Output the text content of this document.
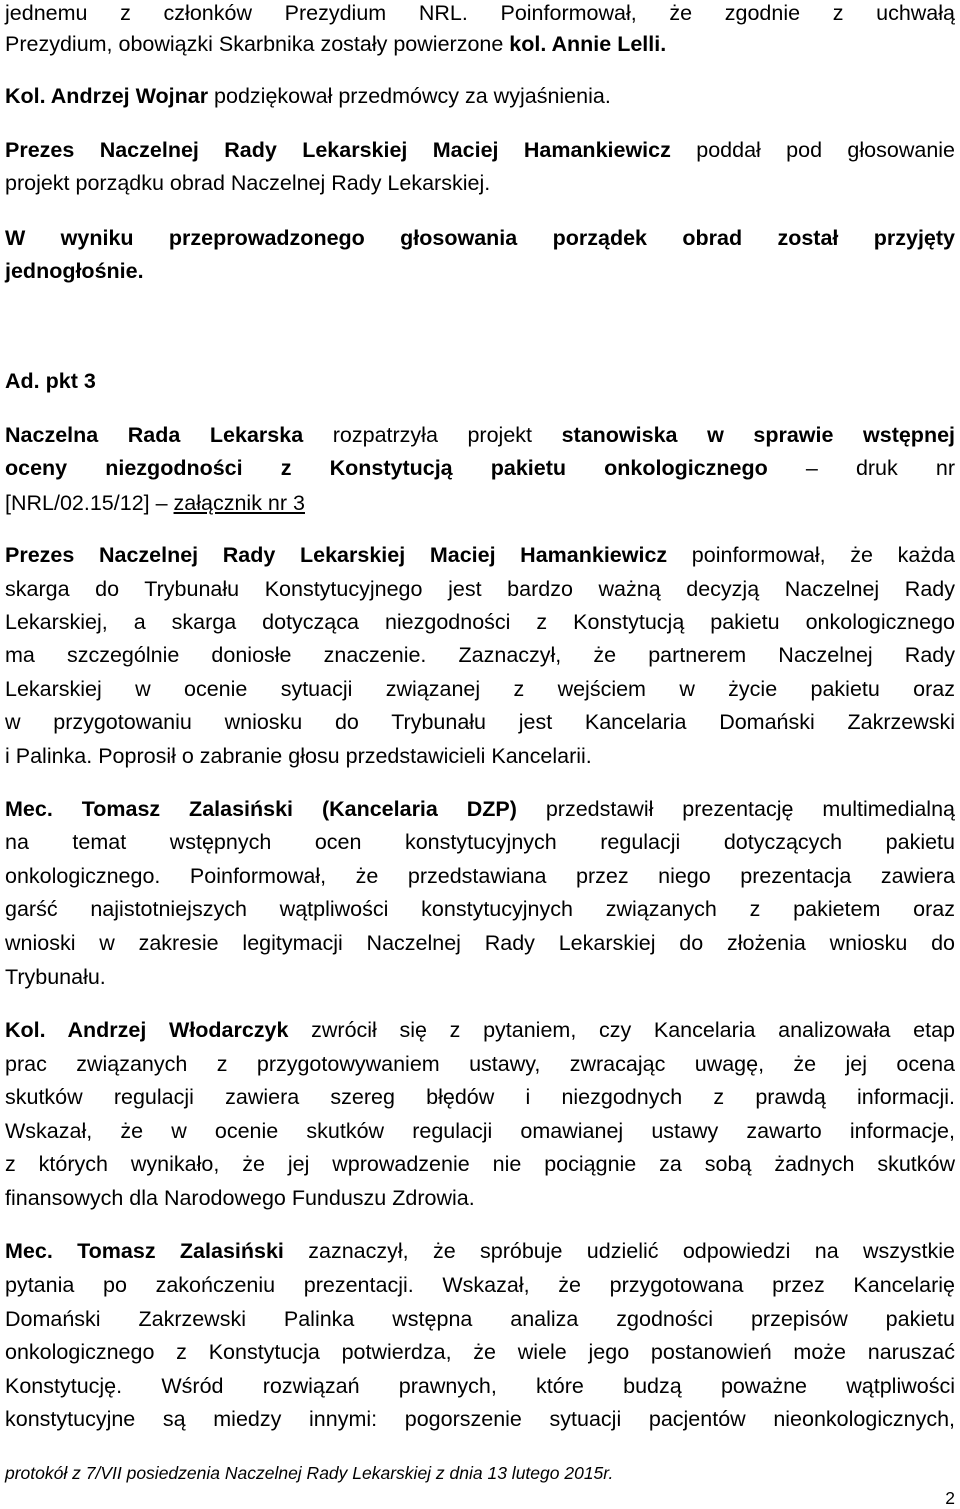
jednemu z członków Prezydium NRL. Poinformował, że zgodnie z uchwałą
Prezydium, obowiązki Skarbnika zostały powierzone kol. Annie Lelli.
Kol. Andrzej Wojnar podziękował przedmówcy za wyjaśnienia.
Prezes Naczelnej Rady Lekarskiej Maciej Hamankiewicz poddał pod głosowanie
projekt porządku obrad Naczelnej Rady Lekarskiej.
W wyniku przeprowadzonego głosowania porządek obrad został przyjęty
jednogłośnie.
Ad. pkt 3
Naczelna Rada Lekarska rozpatrzyła projekt stanowiska w sprawie wstępnej
oceny niezgodności z Konstytucją pakietu onkologicznego – druk nr
[NRL/02.15/12] – załącznik nr 3
Prezes Naczelnej Rady Lekarskiej Maciej Hamankiewicz poinformował, że każda
skarga do Trybunału Konstytucyjnego jest bardzo ważną decyzją Naczelnej Rady
Lekarskiej, a skarga dotycząca niezgodności z Konstytucją pakietu onkologicznego
ma szczególnie doniosłe znaczenie. Zaznaczył, że partnerem Naczelnej Rady
Lekarskiej w ocenie sytuacji związanej z wejściem w życie pakietu oraz
w przygotowaniu wniosku do Trybunału jest Kancelaria Domański Zakrzewski
i Palinka. Poprosił o zabranie głosu przedstawicieli Kancelarii.
Mec. Tomasz Zalasiński (Kancelaria DZP) przedstawił prezentację multimedialną
na temat wstępnych ocen konstytucyjnych regulacji dotyczących pakietu
onkologicznego. Poinformował, że przedstawiana przez niego prezentacja zawiera
garść najistotniejszych wątpliwości konstytucyjnych związanych z pakietem oraz
wnioski w zakresie legitymacji Naczelnej Rady Lekarskiej do złożenia wniosku do
Trybunału.
Kol. Andrzej Włodarczyk zwrócił się z pytaniem, czy Kancelaria analizowała etap
prac związanych z przygotowywaniem ustawy, zwracając uwagę, że jej ocena
skutków regulacji zawiera szereg błędów i niezgodnych z prawdą informacji.
Wskazał, że w ocenie skutków regulacji omawianej ustawy zawarto informacje,
z których wynikało, że jej wprowadzenie nie pociągnie za sobą żadnych skutków
finansowych dla Narodowego Funduszu Zdrowia.
Mec. Tomasz Zalasiński zaznaczył, że spróbuje udzielić odpowiedzi na wszystkie
pytania po zakończeniu prezentacji. Wskazał, że przygotowana przez Kancelarię
Domański Zakrzewski Palinka wstępna analiza zgodności przepisów pakietu
onkologicznego z Konstytucja potwierdza, że wiele jego postanowień może naruszać
Konstytucję. Wśród rozwiązań prawnych, które budzą poważne wątpliwości
konstytucyjne są miedzy innymi: pogorszenie sytuacji pacjentów nieonkologicznych,
protokół z 7/VII posiedzenia Naczelnej Rady Lekarskiej z dnia 13 lutego 2015r.
2
